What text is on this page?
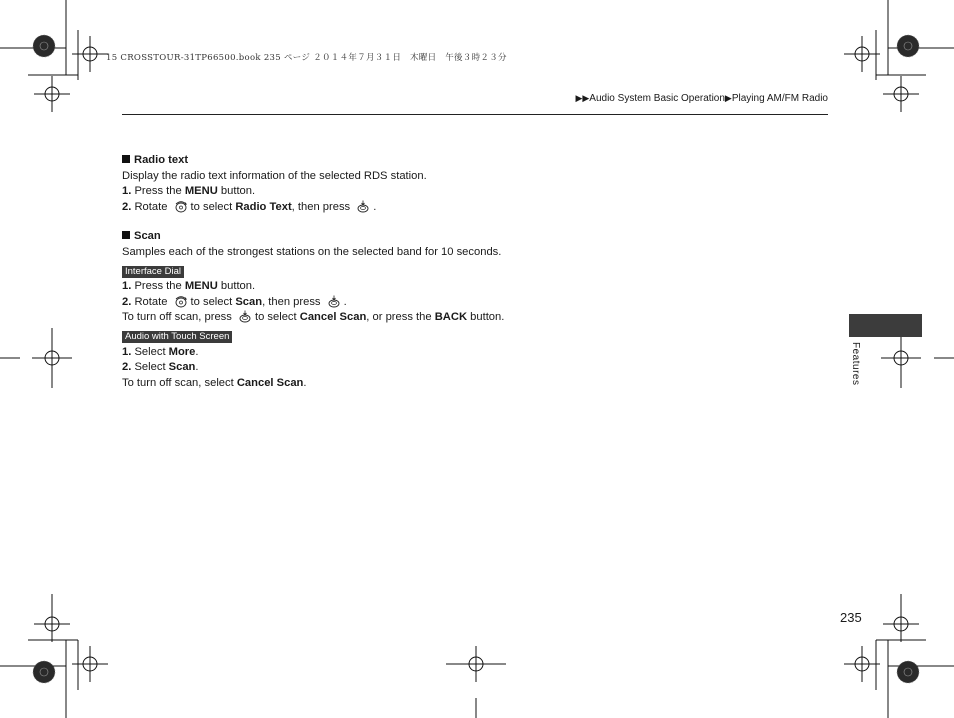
15 CROSSTOUR-31TP66500.book 235 ページ ２０１４年７月３１日　木曜日　午後３時２３分
▶▶Audio System Basic Operation▶Playing AM/FM Radio

Radio text

Display the radio text information of the selected RDS station.

1. Press the MENU button.

2. Rotate to select Radio Text, then press .

Scan

Samples each of the strongest stations on the selected band for 10 seconds.

Interface Dial

1. Press the MENU button.

2. Rotate to select Scan, then press .

To turn off scan, press to select Cancel Scan, or press the BACK button.

Audio with Touch Screen

1. Select More.

2. Select Scan.

To turn off scan, select Cancel Scan.	Features
235
